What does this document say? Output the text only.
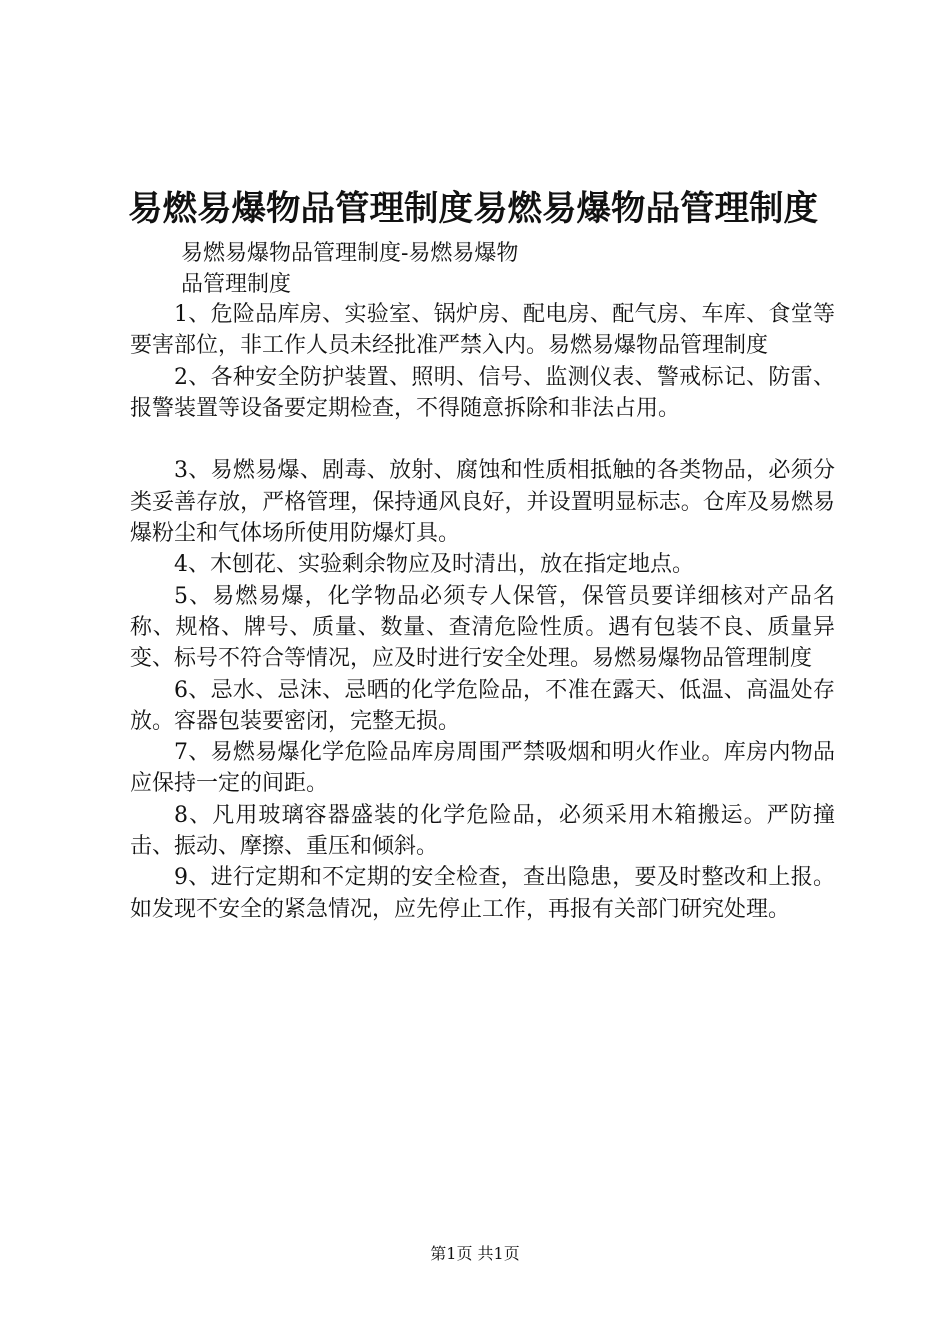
易燃易爆物品管理制度易燃易爆物品管理制度
易燃易爆物品管理制度-易燃易爆物
品管理制度

1、危险品库房、实验室、锅炉房、配电房、配气房、车库、食堂等要害部位，非工作人员未经批准严禁入内。易燃易爆物品管理制度

2、各种安全防护装置、照明、信号、监测仪表、警戒标记、防雷、报警装置等设备要定期检查，不得随意拆除和非法占用。

3、易燃易爆、剧毒、放射、腐蚀和性质相抵触的各类物品，必须分类妥善存放，严格管理，保持通风良好，并设置明显标志。仓库及易燃易爆粉尘和气体场所使用防爆灯具。

4、木刨花、实验剩余物应及时清出，放在指定地点。

5、易燃易爆，化学物品必须专人保管，保管员要详细核对产品名称、规格、牌号、质量、数量、查清危险性质。遇有包装不良、质量异变、标号不符合等情况，应及时进行安全处理。易燃易爆物品管理制度

6、忌水、忌沫、忌晒的化学危险品，不准在露天、低温、高温处存放。容器包装要密闭，完整无损。

7、易燃易爆化学危险品库房周围严禁吸烟和明火作业。库房内物品应保持一定的间距。

8、凡用玻璃容器盛装的化学危险品，必须采用木箱搬运。严防撞击、振动、摩擦、重压和倾斜。

9、进行定期和不定期的安全检查，查出隐患，要及时整改和上报。如发现不安全的紧急情况，应先停止工作，再报有关部门研究处理。

第1页 共1页
